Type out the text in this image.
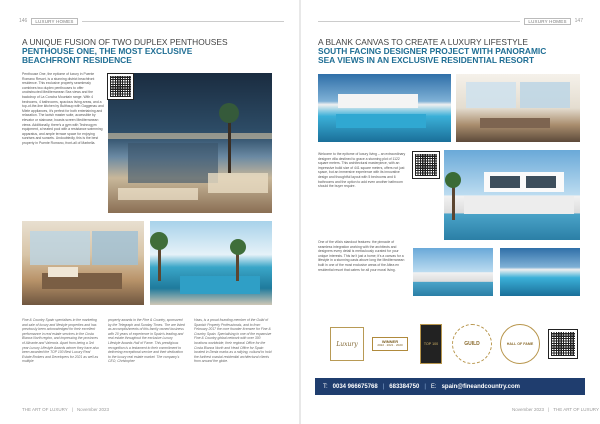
146	LUXURY HOMES	LUXURY HOMES	147
A UNIQUE FUSION OF TWO DUPLEX PENTHOUSES
PENTHOUSE ONE, THE MOST EXCLUSIVE
BEACHFRONT RESIDENCE
Penthouse One, the epitome of luxury in Puente Romano Resort, is a stunning district beachfront residence. This exclusive property seamlessly combines two duplex penthouses to offer unobstructed Mediterranean Sea views and the backdrop of La Concha Mountain range. With 4 bedrooms, 4 bathrooms, spacious living areas, and a top-of-the-line kitchen by Bulthaup with Gaggenau and Miele appliances, it's perfect for both entertaining and relaxation. The lavish master suite, accessible by elevator or staircase, boasts screen Mediterranean views. Additionally, there's a gym with Technogym equipment, a heated pool with a resistance swimming apparatus, and ample terrace space for enjoying sunrises and sunsets. Undoubtedly, this is the best property in Puente Romano, front-all of Marbella.
Fine & Country Spain specialises in the marketing and sale of luxury and lifestyle properties and has previously been acknowledged for their excellent performance in real estate services in the Costa Blanca North region, and impressing the provinces of Alicante and Valencia. Apart from being a 3rd year Luxury Lifestyle Awards winner they have also been awarded the TOP 100 Best Luxury Real Estate Brokers and Developers for 2021 as well as multiple
property awards in the Fine & Country, sponsored by the Telegraph and Sunday Times. The are listed as accomplishments of this family owned business with 20 years of experience in Spain's leading and real estate throughout the exclusive Luxury Lifestyle Awards Hall of Fame. This prestigious recognition is a testament to their commitment to delivering exceptional service and their dedication to the luxury real estate market. The company's CEO, Christopher
Haas, is a proud founding member of the Guild of Spanish Property Professionals, and to from February 2017 the core founder licensee for Fine & Country Spain. Specialising in one of the expansive Fine & Country global network with over 300 locations worldwide, their regional Office for the Costa Blanca North and Head Office for Spain located in Denia marks as a rallying, cultural to hold the furthest coastal residential architectural clients from around the globe.
THE ART OF LUXURY | November 2023
A BLANK CANVAS TO CREATE A LUXURY LIFESTYLE
SOUTH FACING DESIGNER PROJECT WITH PANORAMIC
SEA VIEWS IN AN EXCLUSIVE RESIDENTIAL RESORT
Welcome to the epitome of luxury living – an extraordinary designer villa destined to grace a stunning plot of 1122 square meters. This architectural masterpiece, with an impressive build size of 441 square meters, offers not just space, but an immersive experience with its innovative design and thoughtful layout with 5 bedrooms and 6 bathrooms and the option to add even another bathroom should the buyer require.
One of the villa's standout features: the pinnacle of seamless integration working with the architects and designers every detail is meticulously curated for your unique interests. This isn't just a home; it's a canvas for a lifestyle in a stunning oasis above long the Mediterranean built in one of the most exclusive areas of the Altea en residential resort that caters for all your moral living.
Luxury	WINNER
2022 · 2021 · 2020	TOP 100	GUILD	HALL OF FAME
T: 0034 966675768 | 683384750 | E: spain@fineandcountry.com
November 2023 | THE ART OF LUXURY
